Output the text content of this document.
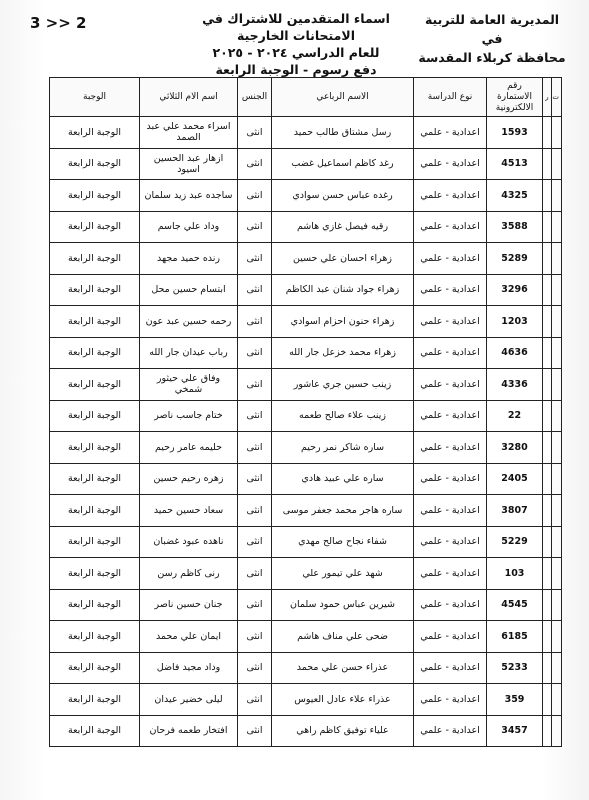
المديرية العامة للتربية في
محافظة كربلاء المقدسة
اسماء المتقدمين للاشتراك في الامتحانات الخارجية
للعام الدراسي ٢٠٢٤ - ٢٠٢٥
دفع رسوم - الوجبة الرابعة
3 >> 2
ت	ر	رقم الاستمارة الالكترونية	نوع الدراسة	الاسم الرباعي	الجنس	اسم الام الثلاثي	الوجبة
		1593	اعدادية - علمي	رسل مشتاق طالب حميد	انثى	اسراء محمد علي عبد الصمد	الوجبة الرابعة
		4513	اعدادية - علمي	رغد كاظم اسماعيل غضب	انثى	ازهار عبد الحسين اسيود	الوجبة الرابعة
		4325	اعدادية - علمي	رغده عباس حسن سوادي	انثى	ساجده عبد زيد سلمان	الوجبة الرابعة
		3588	اعدادية - علمي	رقيه فيصل غازي هاشم	انثى	وداد علي جاسم	الوجبة الرابعة
		5289	اعدادية - علمي	زهراء احسان علي حسين	انثى	رنده حميد مجهد	الوجبة الرابعة
		3296	اعدادية - علمي	زهراء جواد شنان عبد الكاظم	انثى	ابتسام حسين محل	الوجبة الرابعة
		1203	اعدادية - علمي	زهراء حنون احزام اسوادي	انثى	رحمه حسين عبد عون	الوجبة الرابعة
		4636	اعدادية - علمي	زهراء محمد خزعل جار الله	انثى	رباب عيدان جار الله	الوجبة الرابعة
		4336	اعدادية - علمي	زينب حسين جري عاشور	انثى	وفاق علي حيثور شمخي	الوجبة الرابعة
		22	اعدادية - علمي	زينب علاء صالح طعمه	انثى	ختام جاسب ناصر	الوجبة الرابعة
		3280	اعدادية - علمي	ساره شاكر نمر رحيم	انثى	حليمه عامر رحيم	الوجبة الرابعة
		2405	اعدادية - علمي	ساره علي عبيد هادي	انثى	زهره رحيم حسين	الوجبة الرابعة
		3807	اعدادية - علمي	ساره هاجر محمد جعفر موسى	انثى	سعاد حسين حميد	الوجبة الرابعة
		5229	اعدادية - علمي	شفاء نجاح صالح مهدي	انثى	ناهده عبود غضبان	الوجبة الرابعة
		103	اعدادية - علمي	شهد علي تيمور علي	انثى	رنى كاظم رسن	الوجبة الرابعة
		4545	اعدادية - علمي	شيرين عباس حمود سلمان	انثى	جنان حسين ناصر	الوجبة الرابعة
		6185	اعدادية - علمي	ضحى علي مناف هاشم	انثى	ايمان علي محمد	الوجبة الرابعة
		5233	اعدادية - علمي	عذراء حسن علي محمد	انثى	وداد مجيد فاضل	الوجبة الرابعة
		359	اعدادية - علمي	عذراء علاء عادل العيوس	انثى	ليلى خضير عيدان	الوجبة الرابعة
		3457	اعدادية - علمي	علياء توفيق كاظم راهي	انثى	افتخار طعمه فرحان	الوجبة الرابعة
